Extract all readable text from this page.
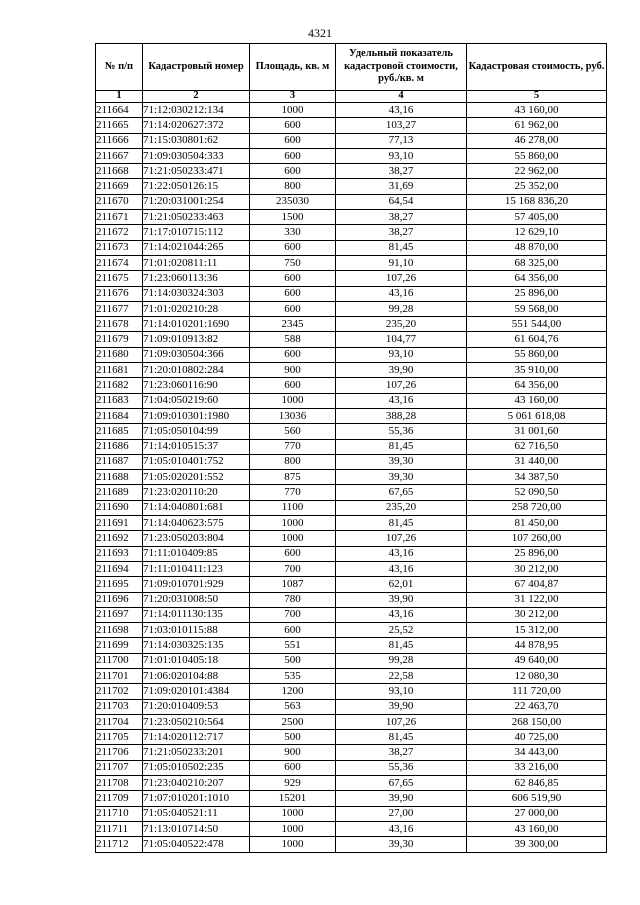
4321
№ п/п	Кадастровый номер	Площадь, кв. м	Удельный показатель кадастровой стоимости, руб./кв. м	Кадастровая стоимость, руб.
1	2	3	4	5
211664	71:12:030212:134	1000	43,16	43 160,00
211665	71:14:020627:372	600	103,27	61 962,00
211666	71:15:030801:62	600	77,13	46 278,00
211667	71:09:030504:333	600	93,10	55 860,00
211668	71:21:050233:471	600	38,27	22 962,00
211669	71:22:050126:15	800	31,69	25 352,00
211670	71:20:031001:254	235030	64,54	15 168 836,20
211671	71:21:050233:463	1500	38,27	57 405,00
211672	71:17:010715:112	330	38,27	12 629,10
211673	71:14:021044:265	600	81,45	48 870,00
211674	71:01:020811:11	750	91,10	68 325,00
211675	71:23:060113:36	600	107,26	64 356,00
211676	71:14:030324:303	600	43,16	25 896,00
211677	71:01:020210:28	600	99,28	59 568,00
211678	71:14:010201:1690	2345	235,20	551 544,00
211679	71:09:010913:82	588	104,77	61 604,76
211680	71:09:030504:366	600	93,10	55 860,00
211681	71:20:010802:284	900	39,90	35 910,00
211682	71:23:060116:90	600	107,26	64 356,00
211683	71:04:050219:60	1000	43,16	43 160,00
211684	71:09:010301:1980	13036	388,28	5 061 618,08
211685	71:05:050104:99	560	55,36	31 001,60
211686	71:14:010515:37	770	81,45	62 716,50
211687	71:05:010401:752	800	39,30	31 440,00
211688	71:05:020201:552	875	39,30	34 387,50
211689	71:23:020110:20	770	67,65	52 090,50
211690	71:14:040801:681	1100	235,20	258 720,00
211691	71:14:040623:575	1000	81,45	81 450,00
211692	71:23:050203:804	1000	107,26	107 260,00
211693	71:11:010409:85	600	43,16	25 896,00
211694	71:11:010411:123	700	43,16	30 212,00
211695	71:09:010701:929	1087	62,01	67 404,87
211696	71:20:031008:50	780	39,90	31 122,00
211697	71:14:011130:135	700	43,16	30 212,00
211698	71:03:010115:88	600	25,52	15 312,00
211699	71:14:030325:135	551	81,45	44 878,95
211700	71:01:010405:18	500	99,28	49 640,00
211701	71:06:020104:88	535	22,58	12 080,30
211702	71:09:020101:4384	1200	93,10	111 720,00
211703	71:20:010409:53	563	39,90	22 463,70
211704	71:23:050210:564	2500	107,26	268 150,00
211705	71:14:020112:717	500	81,45	40 725,00
211706	71:21:050233:201	900	38,27	34 443,00
211707	71:05:010502:235	600	55,36	33 216,00
211708	71:23:040210:207	929	67,65	62 846,85
211709	71:07:010201:1010	15201	39,90	606 519,90
211710	71:05:040521:11	1000	27,00	27 000,00
211711	71:13:010714:50	1000	43,16	43 160,00
211712	71:05:040522:478	1000	39,30	39 300,00
